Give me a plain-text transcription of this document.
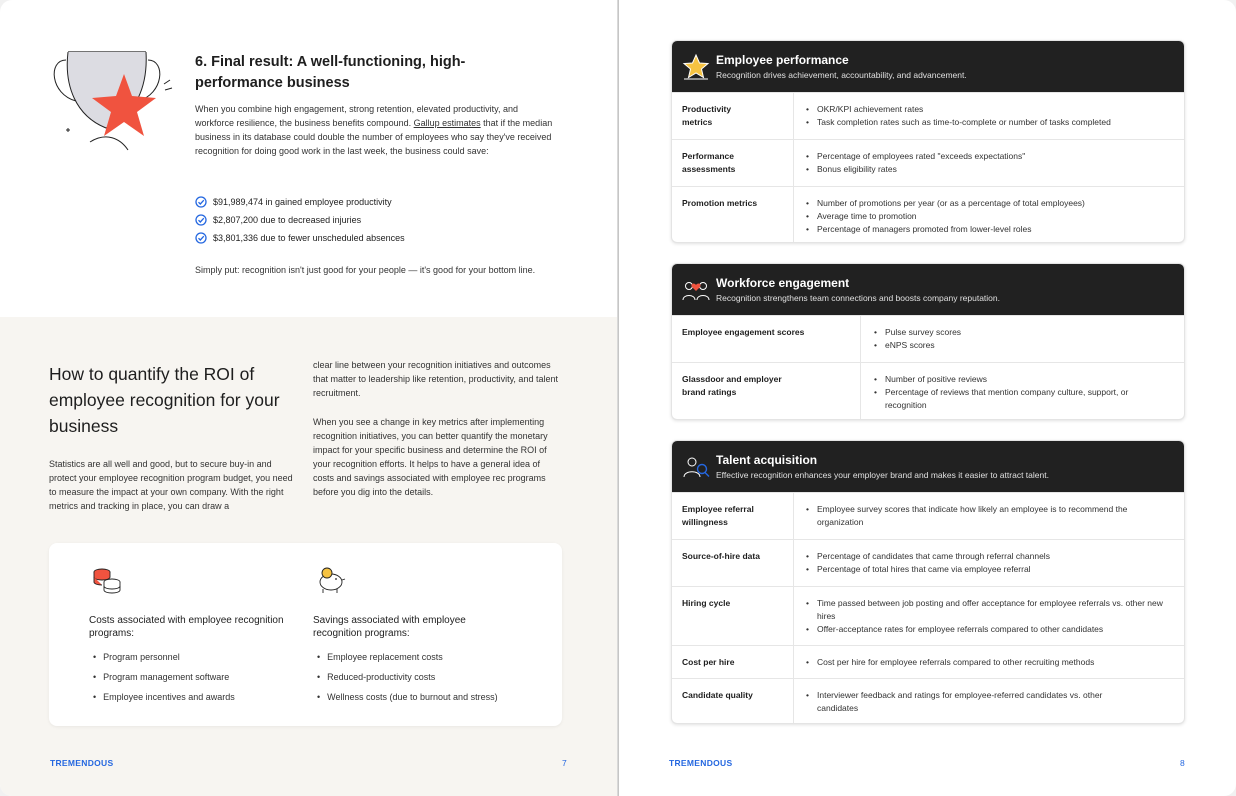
6. Final result: A well-functioning, high-performance business

When you combine high engagement, strong retention, elevated productivity, and workforce resilience, the business benefits compound. Gallup estimates that if the median business in its database could double the number of employees who say they've received recognition for doing good work in the last week, the business could save:

$91,989,474 in gained employee productivity
$2,807,200 due to decreased injuries
$3,801,336 due to fewer unscheduled absences

Simply put: recognition isn't just good for your people — it's good for your bottom line.

How to quantify the ROI of employee recognition for your business

Statistics are all well and good, but to secure buy-in and protect your employee recognition program budget, you need to measure the impact at your own company. With the right metrics and tracking in place, you can draw a

clear line between your recognition initiatives and outcomes that matter to leadership like retention, productivity, and talent recruitment.

When you see a change in key metrics after implementing recognition initiatives, you can better quantify the monetary impact for your specific business and determine the ROI of your recognition efforts. It helps to have a general idea of costs and savings associated with employee rec programs before you dig into the details.

Costs associated with employee recognition programs:
• Program personnel
• Program management software
• Employee incentives and awards
Savings associated with employee recognition programs:
• Employee replacement costs
• Reduced-productivity costs
• Wellness costs (due to burnout and stress)
TREMENDOUS	7
Employee performance

Recognition drives achievement, accountability, and advancement.

Productivity metrics
• OKR/KPI achievement rates
• Task completion rates such as time-to-complete or number of tasks completed
Performance assessments
• Percentage of employees rated "exceeds expectations"
• Bonus eligibility rates
Promotion metrics	• Number of promotions per year (or as a percentage of total employees)
• Average time to promotion
• Percentage of managers promoted from lower-level roles
Workforce engagement

Recognition strengthens team connections and boosts company reputation.

Employee engagement scores	• Pulse survey scores
• eNPS scores
Glassdoor and employer brand ratings
• Number of positive reviews
• Percentage of reviews that mention company culture, support, or recognition
Talent acquisition

Effective recognition enhances your employer brand and makes it easier to attract talent.

Employee referral willingness
• Employee survey scores that indicate how likely an employee is to recommend the organization
Source-of-hire data	• Percentage of candidates that came through referral channels
• Percentage of total hires that came via employee referral
Hiring cycle	• Time passed between job posting and offer acceptance for employee referrals vs. other new hires
• Offer-acceptance rates for employee referrals compared to other candidates
Cost per hire	• Cost per hire for employee referrals compared to other recruiting methods
Candidate quality	• Interviewer feedback and ratings for employee-referred candidates vs. other candidates
TREMENDOUS	8
